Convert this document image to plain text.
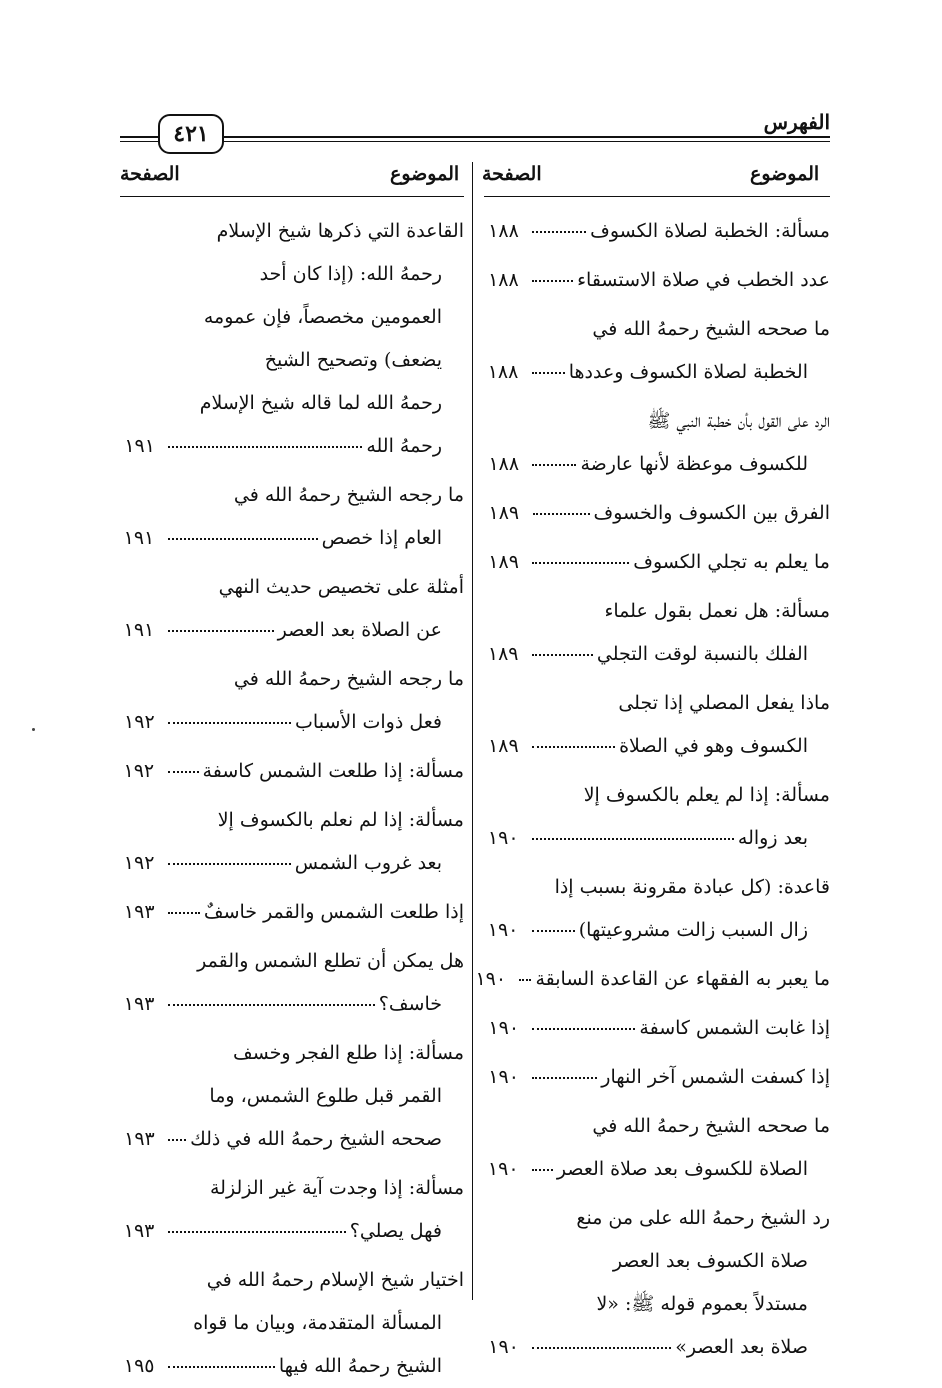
الفهرس
٤٢١
الموضوع
الصفحة
الموضوع
الصفحة
مسألة: الخطبة لصلاة الكسوف١٨٨
عدد الخطب في صلاة الاستسقاء١٨٨
ما صححه الشيخ رحمهُ الله في
الخطبة لصلاة الكسوف وعددها١٨٨
الرد على القول بأن خطبة النبي ﷺ
للكسوف موعظة لأنها عارضة١٨٨
الفرق بين الكسوف والخسوف١٨٩
ما يعلم به تجلي الكسوف١٨٩
مسألة: هل نعمل بقول علماء
الفلك بالنسبة لوقت التجلي١٨٩
ماذا يفعل المصلي إذا تجلى
الكسوف وهو في الصلاة١٨٩
مسألة: إذا لم يعلم بالكسوف إلا
بعد زواله١٩٠
قاعدة: (كل عبادة مقرونة بسبب إذا
زال السبب زالت مشروعيتها)١٩٠
ما يعبر به الفقهاء عن القاعدة السابقة١٩٠
إذا غابت الشمس كاسفة١٩٠
إذا كسفت الشمس آخر النهار١٩٠
ما صححه الشيخ رحمهُ الله في
الصلاة للكسوف بعد صلاة العصر١٩٠
رد الشيخ رحمهُ الله على من منع
صلاة الكسوف بعد العصر
مستدلاً بعموم قوله ﷺ: «لا
صلاة بعد العصر»١٩٠
القاعدة التي ذكرها شيخ الإسلام
رحمهُ الله: (إذا كان أحد
العمومين مخصصاً، فإن عمومه
يضعف) وتصحيح الشيخ
رحمهُ الله لما قاله شيخ الإسلام
رحمهُ الله١٩١
ما رجحه الشيخ رحمهُ الله في
العام إذا خصص١٩١
أمثلة على تخصيص حديث النهي
عن الصلاة بعد العصر١٩١
ما رجحه الشيخ رحمهُ الله في
فعل ذوات الأسباب١٩٢
مسألة: إذا طلعت الشمس كاسفة١٩٢
مسألة: إذا لم نعلم بالكسوف إلا
بعد غروب الشمس١٩٢
إذا طلعت الشمس والقمر خاسفٌ١٩٣
هل يمكن أن تطلع الشمس والقمر
خاسف؟١٩٣
مسألة: إذا طلع الفجر وخسف
القمر قبل طلوع الشمس، وما
صححه الشيخ رحمهُ الله في ذلك١٩٣
مسألة: إذا وجدت آية غير الزلزلة
فهل يصلي؟١٩٣
اختيار شيخ الإسلام رحمهُ الله في
المسألة المتقدمة، وبيان ما قواه
الشيخ رحمهُ الله فيها١٩٥
